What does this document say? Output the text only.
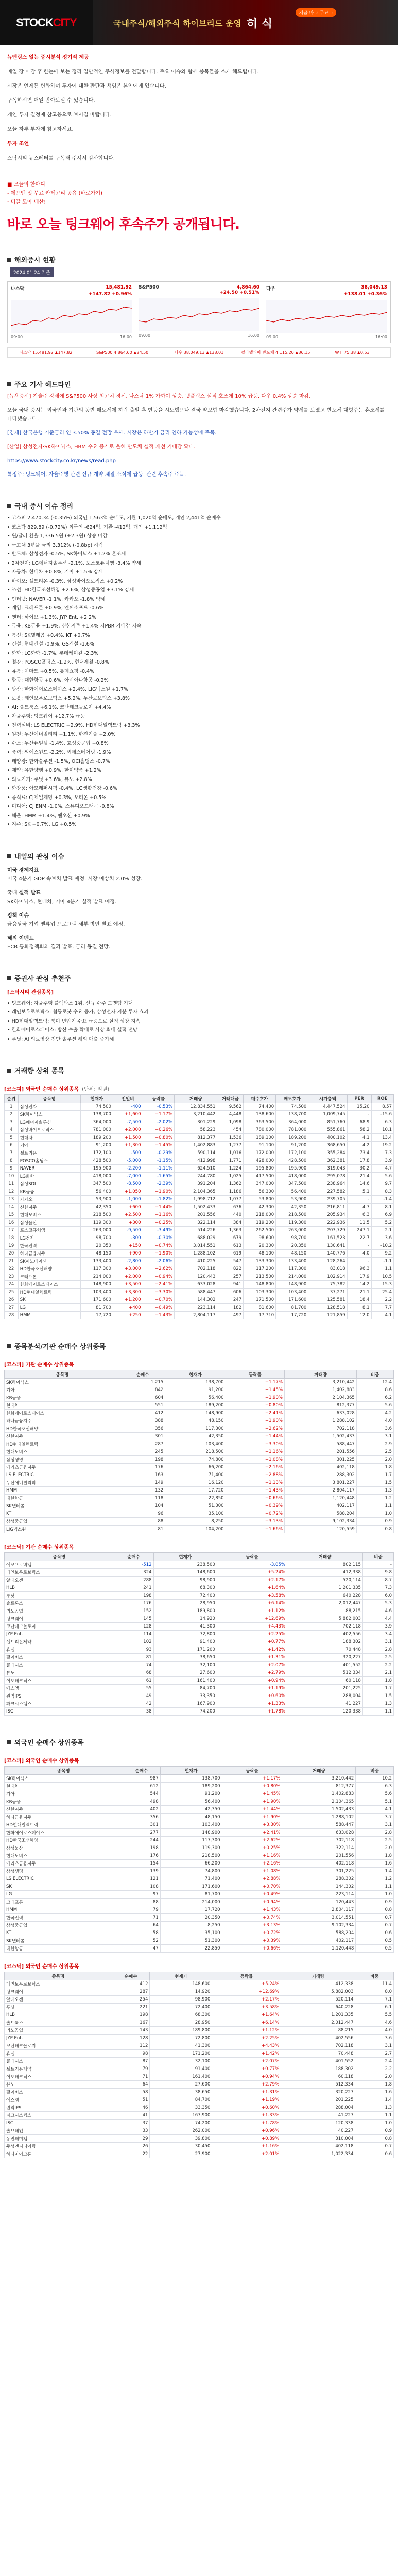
STOCKCITY	국내주식/해외주식 하이브리드 운영 히 식
지금 바로 무료로

뉴엔링스 없는 증시분석 정기적 제공

매일 장 마감 후 한눈에 보는 정리 일반적인 주식정보를 전달합니다. 주요 이슈와 함께 종목들을 소개 해드립니다.

시장은 언제든 변화하며 투자에 대한 판단과 책임은 본인에게 있습니다.

구독하시면 매일 받아보실 수 있습니다.

개인 투자 결정에 참고용으로 보시길 바랍니다.

오늘 하루 투자에 참고하세요.

투자 조언

스탁시티 뉴스레터를 구독해 주셔서 감사합니다.

■ 오늘의 한마디
- 에프엔 및 무료 카테고리 공유 (바로가기)
- 티끌 모아 태산!
바로 오늘 팅크웨어 후속주가 공개됩니다.
해외증시 현황
2024.01.24 기준
나스닥	15,481.92
+147.82 +0.96%
09:00	16:00
S&P500	4,864.60
+24.50 +0.51%
09:00	16:00
다우	38,049.13
+138.01 +0.36%
09:00	16:00
나스닥 15,481.92 ▲147.82	S&P500 4,864.60 ▲24.50	다우 38,049.13 ▲138.01	필라델피아 반도체 4,115.20 ▲36.15	WTI 75.38 ▲0.53
주요 기사 헤드라인

[뉴욕증시] 기술주 강세에 S&P500 사상 최고치 경신. 나스닥 1% 가까이 상승, 넷플릭스 실적 호조에 10% 급등. 다우 0.4% 상승 마감.

오늘 국내 증시는 외국인과 기관의 동반 매도세에 하락 출발 후 반등을 시도했으나 결국 약보합 마감했습니다. 2차전지 관련주가 약세를 보였고 반도체 대형주는 혼조세를 나타냈습니다.

[경제] 한국은행 기준금리 연 3.50% 동결 전망 우세. 시장은 하반기 금리 인하 가능성에 주목.

[산업] 삼성전자·SK하이닉스, HBM 수요 증가로 올해 반도체 실적 개선 기대감 확대.

https://www.stockcity.co.kr/news/read.php

특징주: 팅크웨어, 자율주행 관련 신규 계약 체결 소식에 급등. 관련 후속주 주목.

국내 증시 이슈 정리
• 코스피 2,470.34 (-0.35%) 외국인 1,563억 순매도, 기관 1,020억 순매도, 개인 2,441억 순매수
• 코스닥 829.89 (-0.72%) 외국인 -624억, 기관 -412억, 개인 +1,112억
• 원/달러 환율 1,336.5원 (+2.3원) 상승 마감
• 국고채 3년물 금리 3.312% (-0.8bp) 하락
• 반도체: 삼성전자 -0.5%, SK하이닉스 +1.2% 혼조세
• 2차전지: LG에너지솔루션 -2.1%, 포스코퓨처엠 -3.4% 약세
• 자동차: 현대차 +0.8%, 기아 +1.5% 강세
• 바이오: 셀트리온 -0.3%, 삼성바이오로직스 +0.2%
• 조선: HD한국조선해양 +2.6%, 삼성중공업 +3.1% 강세
• 인터넷: NAVER -1.1%, 카카오 -1.8% 약세
• 게임: 크래프톤 +0.9%, 엔씨소프트 -0.6%
• 엔터: 하이브 +1.3%, JYP Ent. +2.2%
• 금융: KB금융 +1.9%, 신한지주 +1.4% 저PBR 기대감 지속
• 통신: SK텔레콤 +0.4%, KT +0.7%
• 건설: 현대건설 -0.9%, GS건설 -1.6%
• 화학: LG화학 -1.7%, 롯데케미칼 -2.3%
• 철강: POSCO홀딩스 -1.2%, 현대제철 -0.8%
• 유통: 이마트 +0.5%, 롯데쇼핑 -0.4%
• 항공: 대한항공 +0.6%, 아시아나항공 -0.2%
• 방산: 한화에어로스페이스 +2.4%, LIG넥스원 +1.7%
• 로봇: 레인보우로보틱스 +5.2%, 두산로보틱스 +3.8%
• AI: 솔트룩스 +6.1%, 코난테크놀로지 +4.4%
• 자율주행: 팅크웨어 +12.7% 급등
• 전력설비: LS ELECTRIC +2.9%, HD현대일렉트릭 +3.3%
• 원전: 두산에너빌리티 +1.1%, 한전기술 +2.0%
• 수소: 두산퓨얼셀 -1.4%, 효성중공업 +0.8%
• 풍력: 씨에스윈드 -2.2%, 씨에스베어링 -1.9%
• 태양광: 한화솔루션 -1.5%, OCI홀딩스 -0.7%
• 제약: 유한양행 +0.9%, 한미약품 +1.2%
• 의료기기: 루닛 +3.6%, 뷰노 +2.8%
• 화장품: 아모레퍼시픽 -0.4%, LG생활건강 -0.6%
• 음식료: CJ제일제당 +0.3%, 오리온 +0.5%
• 미디어: CJ ENM -1.0%, 스튜디오드래곤 -0.8%
• 해운: HMM +1.4%, 팬오션 +0.9%
• 지주: SK +0.7%, LG +0.5%
내일의 관심 이슈
미국 경제지표

미국 4분기 GDP 속보치 발표 예정. 시장 예상치 2.0% 성장.

국내 실적 발표

SK하이닉스, 현대차, 기아 4분기 실적 발표 예정.

정책 이슈

금융당국 기업 밸류업 프로그램 세부 방안 발표 예정.

해외 이벤트

ECB 통화정책회의 결과 발표. 금리 동결 전망.

증권사 관심 추천주
[스탁시티 관심종목]
• 팅크웨어: 자율주행 블랙박스 1위, 신규 수주 모멘텀 기대
• 레인보우로보틱스: 협동로봇 수요 증가, 삼성전자 지분 투자 효과
• HD현대일렉트릭: 북미 변압기 수요 급증으로 실적 성장 지속
• 한화에어로스페이스: 방산 수출 확대로 사상 최대 실적 전망
• 루닛: AI 의료영상 진단 솔루션 해외 매출 증가세
거래량 상위 종목
[코스피] 외국인 순매수 상위종목 (단위: 억원)
순위	종목명	현재가	전일비	등락률	거래량	거래대금	매수호가	매도호가	시가총액	PER	ROE
1	삼성전자	74,500	-400	-0.53%	12,834,551	9,562	74,400	74,500	4,447,524	15.20	8.57
2	SK하이닉스	138,700	+1,600	+1.17%	3,210,442	4,448	138,600	138,700	1,009,745	-	-15.6
3	LG에너지솔루션	364,000	-7,500	-2.02%	301,229	1,098	363,500	364,000	851,760	68.9	6.3
4	삼성바이오로직스	781,000	+2,000	+0.26%	58,223	454	780,000	781,000	555,861	58.2	10.1
5	현대차	189,200	+1,500	+0.80%	812,377	1,536	189,100	189,200	400,102	4.1	13.4
6	기아	91,200	+1,300	+1.45%	1,402,883	1,277	91,100	91,200	368,650	4.2	19.2
7	셀트리온	172,100	-500	-0.29%	590,114	1,016	172,000	172,100	355,284	73.4	7.3
8	POSCO홀딩스	428,500	-5,000	-1.15%	412,998	1,771	428,000	428,500	362,381	17.8	3.9
9	NAVER	195,900	-2,200	-1.11%	624,510	1,224	195,800	195,900	319,043	30.2	4.7
10	LG화학	418,000	-7,000	-1.65%	244,780	1,025	417,500	418,000	295,078	21.4	5.6
11	삼성SDI	347,500	-8,500	-2.39%	391,204	1,362	347,000	347,500	238,964	14.6	9.7
12	KB금융	56,400	+1,050	+1.90%	2,104,365	1,186	56,300	56,400	227,582	5.1	8.3
13	카카오	53,900	-1,000	-1.82%	1,998,712	1,077	53,800	53,900	239,705	-	-1.4
14	신한지주	42,350	+600	+1.44%	1,502,433	636	42,300	42,350	216,811	4.7	8.1
15	현대모비스	218,500	+2,500	+1.16%	201,556	440	218,000	218,500	205,934	6.3	6.9
16	삼성물산	119,300	+300	+0.25%	322,114	384	119,200	119,300	222,936	11.5	5.2
17	포스코퓨처엠	263,000	-9,500	-3.49%	514,226	1,363	262,500	263,000	203,729	247.1	2.1
18	LG전자	98,700	-300	-0.30%	688,029	679	98,600	98,700	161,523	22.7	3.6
19	한국전력	20,350	+150	+0.74%	3,014,551	613	20,300	20,350	130,641	-	-10.2
20	하나금융지주	48,150	+900	+1.90%	1,288,102	619	48,100	48,150	140,776	4.0	9.2
21	SK이노베이션	133,400	-2,800	-2.06%	410,225	547	133,300	133,400	128,264	-	-1.1
22	HD한국조선해양	117,300	+3,000	+2.62%	702,118	822	117,200	117,300	83,018	96.3	1.1
23	크래프톤	214,000	+2,000	+0.94%	120,443	257	213,500	214,000	102,914	17.9	10.5
24	한화에어로스페이스	148,900	+3,500	+2.41%	633,028	941	148,800	148,900	75,382	14.2	15.3
25	HD현대일렉트릭	103,400	+3,300	+3.30%	588,447	606	103,300	103,400	37,271	21.1	25.4
26	SK	171,600	+1,200	+0.70%	144,302	247	171,500	171,600	125,581	18.4	2.2
27	LG	81,700	+400	+0.49%	223,114	182	81,600	81,700	128,518	8.1	7.7
28	HMM	17,720	+250	+1.43%	2,804,117	497	17,710	17,720	121,859	12.0	4.1
종목분석/기관 순매수 상위종목
[코스피] 기관 순매수 상위종목
종목명	순매수	현재가	등락률	거래량	비중
SK하이닉스	1,215	138,700	+1.17%	3,210,442	12.4
기아	842	91,200	+1.45%	1,402,883	8.6
KB금융	604	56,400	+1.90%	2,104,365	6.2
현대차	551	189,200	+0.80%	812,377	5.6
한화에어로스페이스	412	148,900	+2.41%	633,028	4.2
하나금융지주	388	48,150	+1.90%	1,288,102	4.0
HD한국조선해양	356	117,300	+2.62%	702,118	3.6
신한지주	301	42,350	+1.44%	1,502,433	3.1
HD현대일렉트릭	287	103,400	+3.30%	588,447	2.9
현대모비스	245	218,500	+1.16%	201,556	2.5
삼성생명	198	74,800	+1.08%	301,225	2.0
메리츠금융지주	176	66,200	+2.16%	402,118	1.8
LS ELECTRIC	163	71,400	+2.88%	288,302	1.7
두산에너빌리티	149	16,120	+1.13%	3,801,227	1.5
HMM	132	17,720	+1.43%	2,804,117	1.3
대한항공	118	22,850	+0.66%	1,120,448	1.2
SK텔레콤	104	51,300	+0.39%	402,117	1.1
KT	96	35,100	+0.72%	588,204	1.0
삼성중공업	88	8,250	+3.13%	9,102,334	0.9
LIG넥스원	81	104,200	+1.66%	120,559	0.8
[코스닥] 기관 순매수 상위종목
종목명	순매수	현재가	등락률	거래량	비중
에코프로비엠	-512	238,500	-3.05%	802,115	-
레인보우로보틱스	324	148,600	+5.24%	412,338	9.8
알테오젠	288	98,900	+2.17%	520,114	8.7
HLB	241	68,300	+1.64%	1,201,335	7.3
루닛	198	72,400	+3.58%	640,228	6.0
솔트룩스	176	28,950	+6.14%	2,012,447	5.3
리노공업	152	189,800	+1.12%	88,215	4.6
팅크웨어	145	14,920	+12.69%	5,882,003	4.4
코난테크놀로지	128	41,300	+4.43%	702,118	3.9
JYP Ent.	114	72,800	+2.25%	402,556	3.4
셀트리온제약	102	91,400	+0.77%	188,302	3.1
휴젤	93	171,200	+1.42%	70,448	2.8
펄어비스	81	38,650	+1.31%	320,227	2.5
클래시스	74	32,100	+2.07%	401,552	2.2
뷰노	68	27,600	+2.79%	512,334	2.1
이오테크닉스	61	161,400	+0.94%	60,118	1.8
에스엠	55	84,700	+1.19%	201,225	1.7
원익IPS	49	33,350	+0.60%	288,004	1.5
파크시스템스	42	167,900	+1.33%	41,227	1.3
ISC	38	74,200	+1.78%	120,338	1.1
외국인 순매수 상위종목
[코스피] 외국인 순매수 상위종목
종목명	순매수	현재가	등락률	거래량	비중
SK하이닉스	987	138,700	+1.17%	3,210,442	10.2
현대차	612	189,200	+0.80%	812,377	6.3
기아	544	91,200	+1.45%	1,402,883	5.6
KB금융	498	56,400	+1.90%	2,104,365	5.1
신한지주	402	42,350	+1.44%	1,502,433	4.1
하나금융지주	356	48,150	+1.90%	1,288,102	3.7
HD현대일렉트릭	301	103,400	+3.30%	588,447	3.1
한화에어로스페이스	277	148,900	+2.41%	633,028	2.8
HD한국조선해양	244	117,300	+2.62%	702,118	2.5
삼성물산	198	119,300	+0.25%	322,114	2.0
현대모비스	176	218,500	+1.16%	201,556	1.8
메리츠금융지주	154	66,200	+2.16%	402,118	1.6
삼성생명	139	74,800	+1.08%	301,225	1.4
LS ELECTRIC	121	71,400	+2.88%	288,302	1.2
SK	108	171,600	+0.70%	144,302	1.1
LG	97	81,700	+0.49%	223,114	1.0
크래프톤	88	214,000	+0.94%	120,443	0.9
HMM	79	17,720	+1.43%	2,804,117	0.8
한국전력	71	20,350	+0.74%	3,014,551	0.7
삼성중공업	64	8,250	+3.13%	9,102,334	0.7
KT	58	35,100	+0.72%	588,204	0.6
SK텔레콤	52	51,300	+0.39%	402,117	0.5
대한항공	47	22,850	+0.66%	1,120,448	0.5
[코스닥] 외국인 순매수 상위종목
종목명	순매수	현재가	등락률	거래량	비중
레인보우로보틱스	412	148,600	+5.24%	412,338	11.4
팅크웨어	287	14,920	+12.69%	5,882,003	8.0
알테오젠	254	98,900	+2.17%	520,114	7.1
루닛	221	72,400	+3.58%	640,228	6.1
HLB	198	68,300	+1.64%	1,201,335	5.5
솔트룩스	167	28,950	+6.14%	2,012,447	4.6
리노공업	143	189,800	+1.12%	88,215	4.0
JYP Ent.	128	72,800	+2.25%	402,556	3.6
코난테크놀로지	112	41,300	+4.43%	702,118	3.1
휴젤	98	171,200	+1.42%	70,448	2.7
클래시스	87	32,100	+2.07%	401,552	2.4
셀트리온제약	79	91,400	+0.77%	188,302	2.2
이오테크닉스	71	161,400	+0.94%	60,118	2.0
뷰노	64	27,600	+2.79%	512,334	1.8
펄어비스	58	38,650	+1.31%	320,227	1.6
에스엠	51	84,700	+1.19%	201,225	1.4
원익IPS	46	33,350	+0.60%	288,004	1.3
파크시스템스	41	167,900	+1.33%	41,227	1.1
ISC	37	74,200	+1.78%	120,338	1.0
솔브레인	33	262,000	+0.96%	40,227	0.9
동진쎄미켐	29	39,800	+0.89%	310,004	0.8
주성엔지니어링	26	30,450	+1.16%	402,118	0.7
하나마이크론	22	27,900	+2.01%	1,022,334	0.6
